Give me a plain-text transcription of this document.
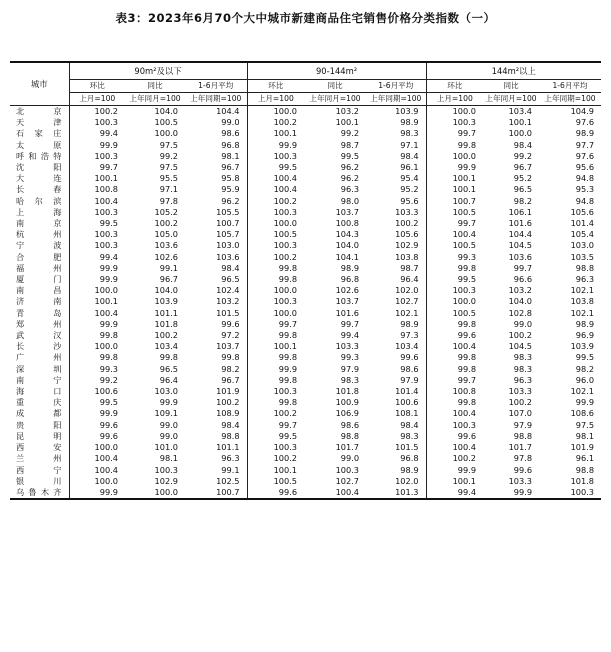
表3：2023年6月70个大中城市新建商品住宅销售价格分类指数（一）
城市	90m²及以下			90-144m²			144m²以上		
	环比	同比	1-6月平均	环比	同比	1-6月平均	环比	同比	1-6月平均
	上月=100	上年同月=100	上年同期=100	上月=100	上年同月=100	上年同期=100	上月=100	上年同月=100	上年同期=100
北京	100.2	104.0	104.4	100.0	103.2	103.9	100.0	103.4	104.9
天津	100.3	100.5	99.0	100.2	100.1	98.9	100.3	100.1	97.6
石家庄	99.4	100.0	98.6	100.1	99.2	98.3	99.7	100.0	98.9
太原	99.9	97.5	96.8	99.9	98.7	97.1	99.8	98.4	97.7
呼和浩特	100.3	99.2	98.1	100.3	99.5	98.4	100.0	99.2	97.6
沈阳	99.7	97.5	96.7	99.5	96.2	96.1	99.9	96.7	95.6
大连	100.1	95.5	95.8	100.4	96.2	95.4	100.1	95.2	94.8
长春	100.8	97.1	95.9	100.4	96.3	95.2	100.1	96.5	95.3
哈尔滨	100.4	97.8	96.2	100.2	98.0	95.6	100.7	98.2	94.8
上海	100.3	105.2	105.5	100.3	103.7	103.3	100.5	106.1	105.6
南京	99.5	100.2	100.7	100.0	100.8	100.2	99.7	101.6	101.4
杭州	100.3	105.0	105.7	100.5	104.3	105.6	100.4	104.4	105.4
宁波	100.3	103.6	103.0	100.3	104.0	102.9	100.5	104.5	103.0
合肥	99.4	102.6	103.6	100.2	104.1	103.8	99.3	103.6	103.5
福州	99.9	99.1	98.4	99.8	98.9	98.7	99.8	99.7	98.8
厦门	99.9	96.7	96.5	99.8	96.8	96.4	99.5	96.6	96.3
南昌	100.0	104.0	102.4	100.0	102.6	102.0	100.3	103.2	102.1
济南	100.1	103.9	103.2	100.3	103.7	102.7	100.0	104.0	103.8
青岛	100.4	101.1	101.5	100.0	101.6	102.1	100.5	102.8	102.1
郑州	99.9	101.8	99.6	99.7	99.7	98.9	99.8	99.0	98.9
武汉	99.8	100.2	97.2	99.8	99.4	97.3	99.6	100.2	96.9
长沙	100.0	103.4	103.7	100.1	103.3	103.4	100.4	104.5	103.9
广州	99.8	99.8	99.8	99.8	99.3	99.6	99.8	98.3	99.5
深圳	99.3	96.5	98.2	99.9	97.9	98.6	99.8	98.3	98.2
南宁	99.2	96.4	96.7	99.8	98.3	97.9	99.7	96.3	96.0
海口	100.6	103.0	101.9	100.3	101.8	101.4	100.8	103.3	102.1
重庆	99.5	99.9	100.2	99.8	100.9	100.6	99.8	100.2	99.9
成都	99.9	109.1	108.9	100.2	106.9	108.1	100.4	107.0	108.6
贵阳	99.6	99.0	98.4	99.7	98.6	98.4	100.3	97.9	97.5
昆明	99.6	99.0	98.8	99.5	98.8	98.3	99.6	98.8	98.1
西安	100.0	101.0	101.1	100.3	101.7	101.5	100.4	101.7	101.9
兰州	100.4	98.1	96.3	100.2	99.0	96.8	100.2	97.8	96.1
西宁	100.4	100.3	99.1	100.1	100.3	98.9	99.9	99.6	98.8
银川	100.0	102.9	102.5	100.5	102.7	102.0	100.1	103.3	101.8
乌鲁木齐	99.9	100.0	100.7	99.6	100.4	101.3	99.4	99.9	100.3
